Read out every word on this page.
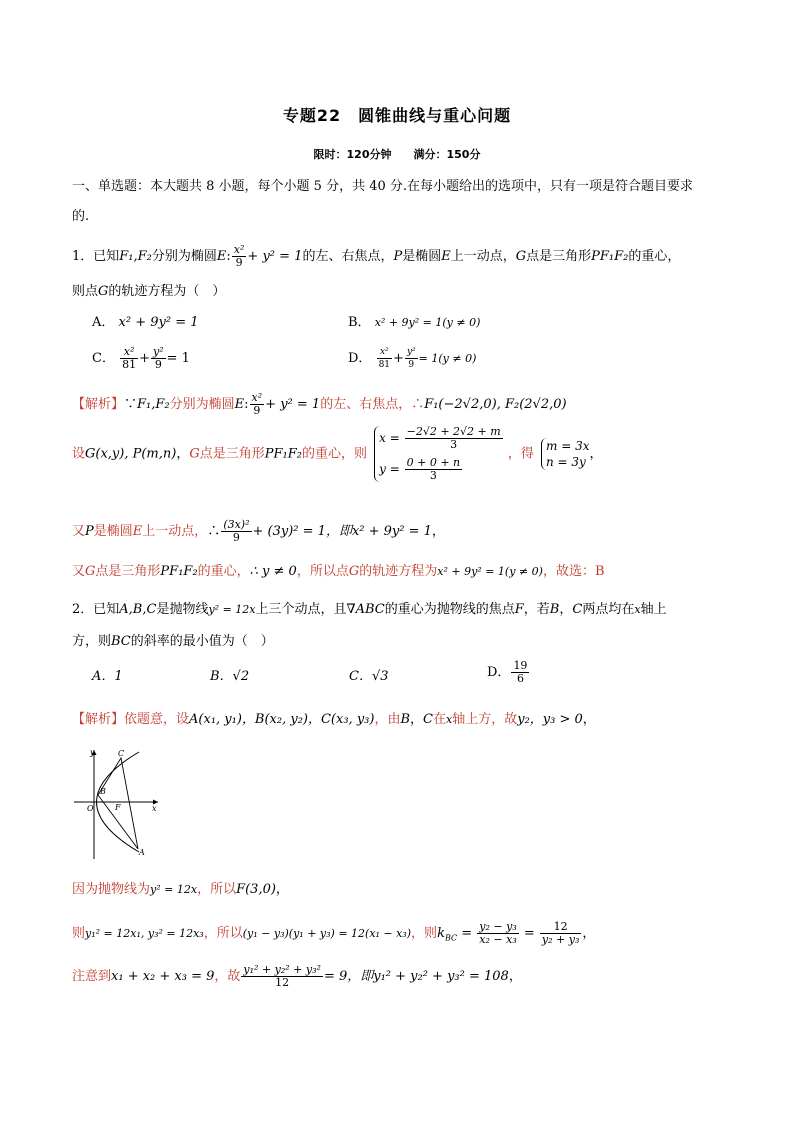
专题22　圆锥曲线与重心问题
限时：120分钟　　满分：150分
一、单选题：本大题共 8 小题，每个小题 5 分，共 40 分.在每小题给出的选项中，只有一项是符合题目要求
的.
1．已知F₁,F₂分别为椭圆E: $\frac{\text{x²}}{9} + y^2 = 1$的左、右焦点，P是椭圆E上一动点，G点是三角形PF₁F₂的重心，
则点G的轨迹方程为（　）
A． x² + 9y² = 1	B． x² + 9y² = 1(y ≠ 0)
C． $\frac{\text{x²}}{81} + \frac{\text{y²}}{9} = 1$	D． $\frac{\text{x²}}{81} + \frac{\text{y²}}{9} = 1(y \ne 0)$
【解析】∵F₁,F₂分别为椭圆E: $\frac{\text{x²}}{9} + y^2 = 1$的左、右焦点，∴F₁(−2√2,0), F₂(2√2,0)
设G(x,y), P(m,n)，G点是三角形PF₁F₂的重心，则
$x = \frac{-2√2 + 2√2 + m}{3}$
$y = \frac{0 + 0 + n}{3}$
，得
m = 3x
n = 3y
，
又P是椭圆E上一动点，∴ $\frac{\text{(3x)²}}{9} + (3y)^2 = 1$，即x² + 9y² = 1，
又G点是三角形PF₁F₂的重心，∴ y ≠ 0，所以点G的轨迹方程为x² + 9y² = 1(y ≠ 0)，故选：B
2．已知A,B,C是抛物线y² = 12x上三个动点，且∇ABC的重心为抛物线的焦点F，若B，C两点均在x轴上
方，则BC的斜率的最小值为（　）
A．1	B．√2	C．√3	D． $\frac{19}{6}$
【解析】依题意，设A(x₁, y₁)，B(x₂, y₂)，C(x₃, y₃)，由B，C在x轴上方，故y₂，y₃ > 0，
y
x
O
B
C
F
A
因为抛物线为y² = 12x，所以F(3,0)，
则y₁² = 12x₁, y₃² = 12x₃，所以(y₁ − y₃)(y₁ + y₃) = 12(x₁ − x₃)，则$k_{BC} = \frac{\text{y₂ − y₃}}{\text{x₂ − x₃}} = \frac{12}{\text{y₂ + y₃}}$ ，
注意到x₁ + x₂ + x₃ = 9，故 $\frac{\text{y₁² + y₂² + y₃²}}{12} = 9$，即y₁² + y₂² + y₃² = 108，
